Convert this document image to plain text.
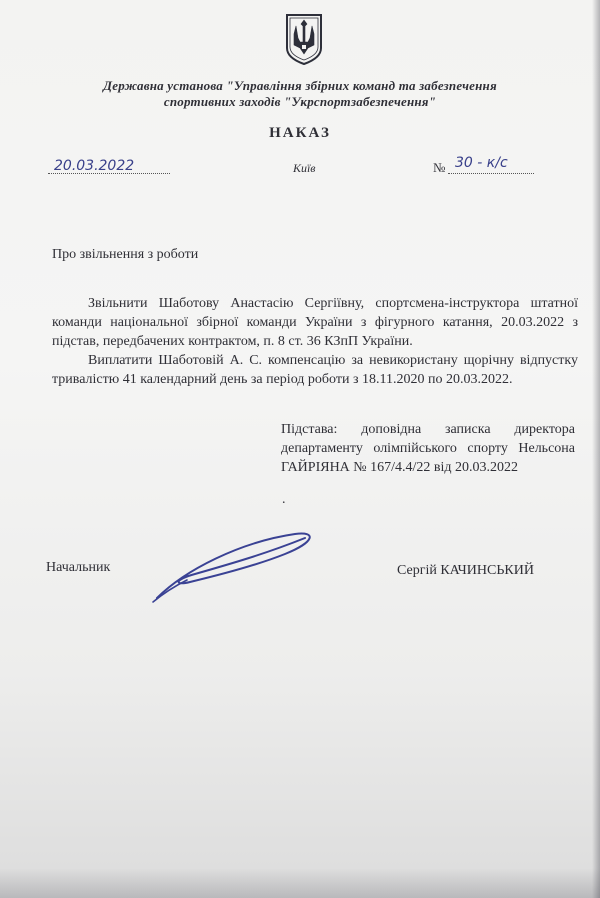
Державна установа "Управління збірних команд та забезпечення
спортивних заходів "Укрспортзабезпечення"
НАКАЗ
20.03.2022	Київ	№ 30 - к/с
Про звільнення з роботи

Звільнити Шаботову Анастасію Сергіївну, спортсмена-інструктора штатної команди національної збірної команди України з фігурного катання, 20.03.2022 з підстав, передбачених контрактом, п. 8 ст. 36 КЗпП України.

Виплатити Шаботовій А. С. компенсацію за невикористану щорічну відпустку тривалістю 41 календарний день за період роботи з 18.11.2020 по 20.03.2022.

Підстава: доповідна записка директора департаменту олімпійського спорту Нельсона ГАЙРІЯНА № 167/4.4/22 від 20.03.2022
.
Начальник	Сергій КАЧИНСЬКИЙ
